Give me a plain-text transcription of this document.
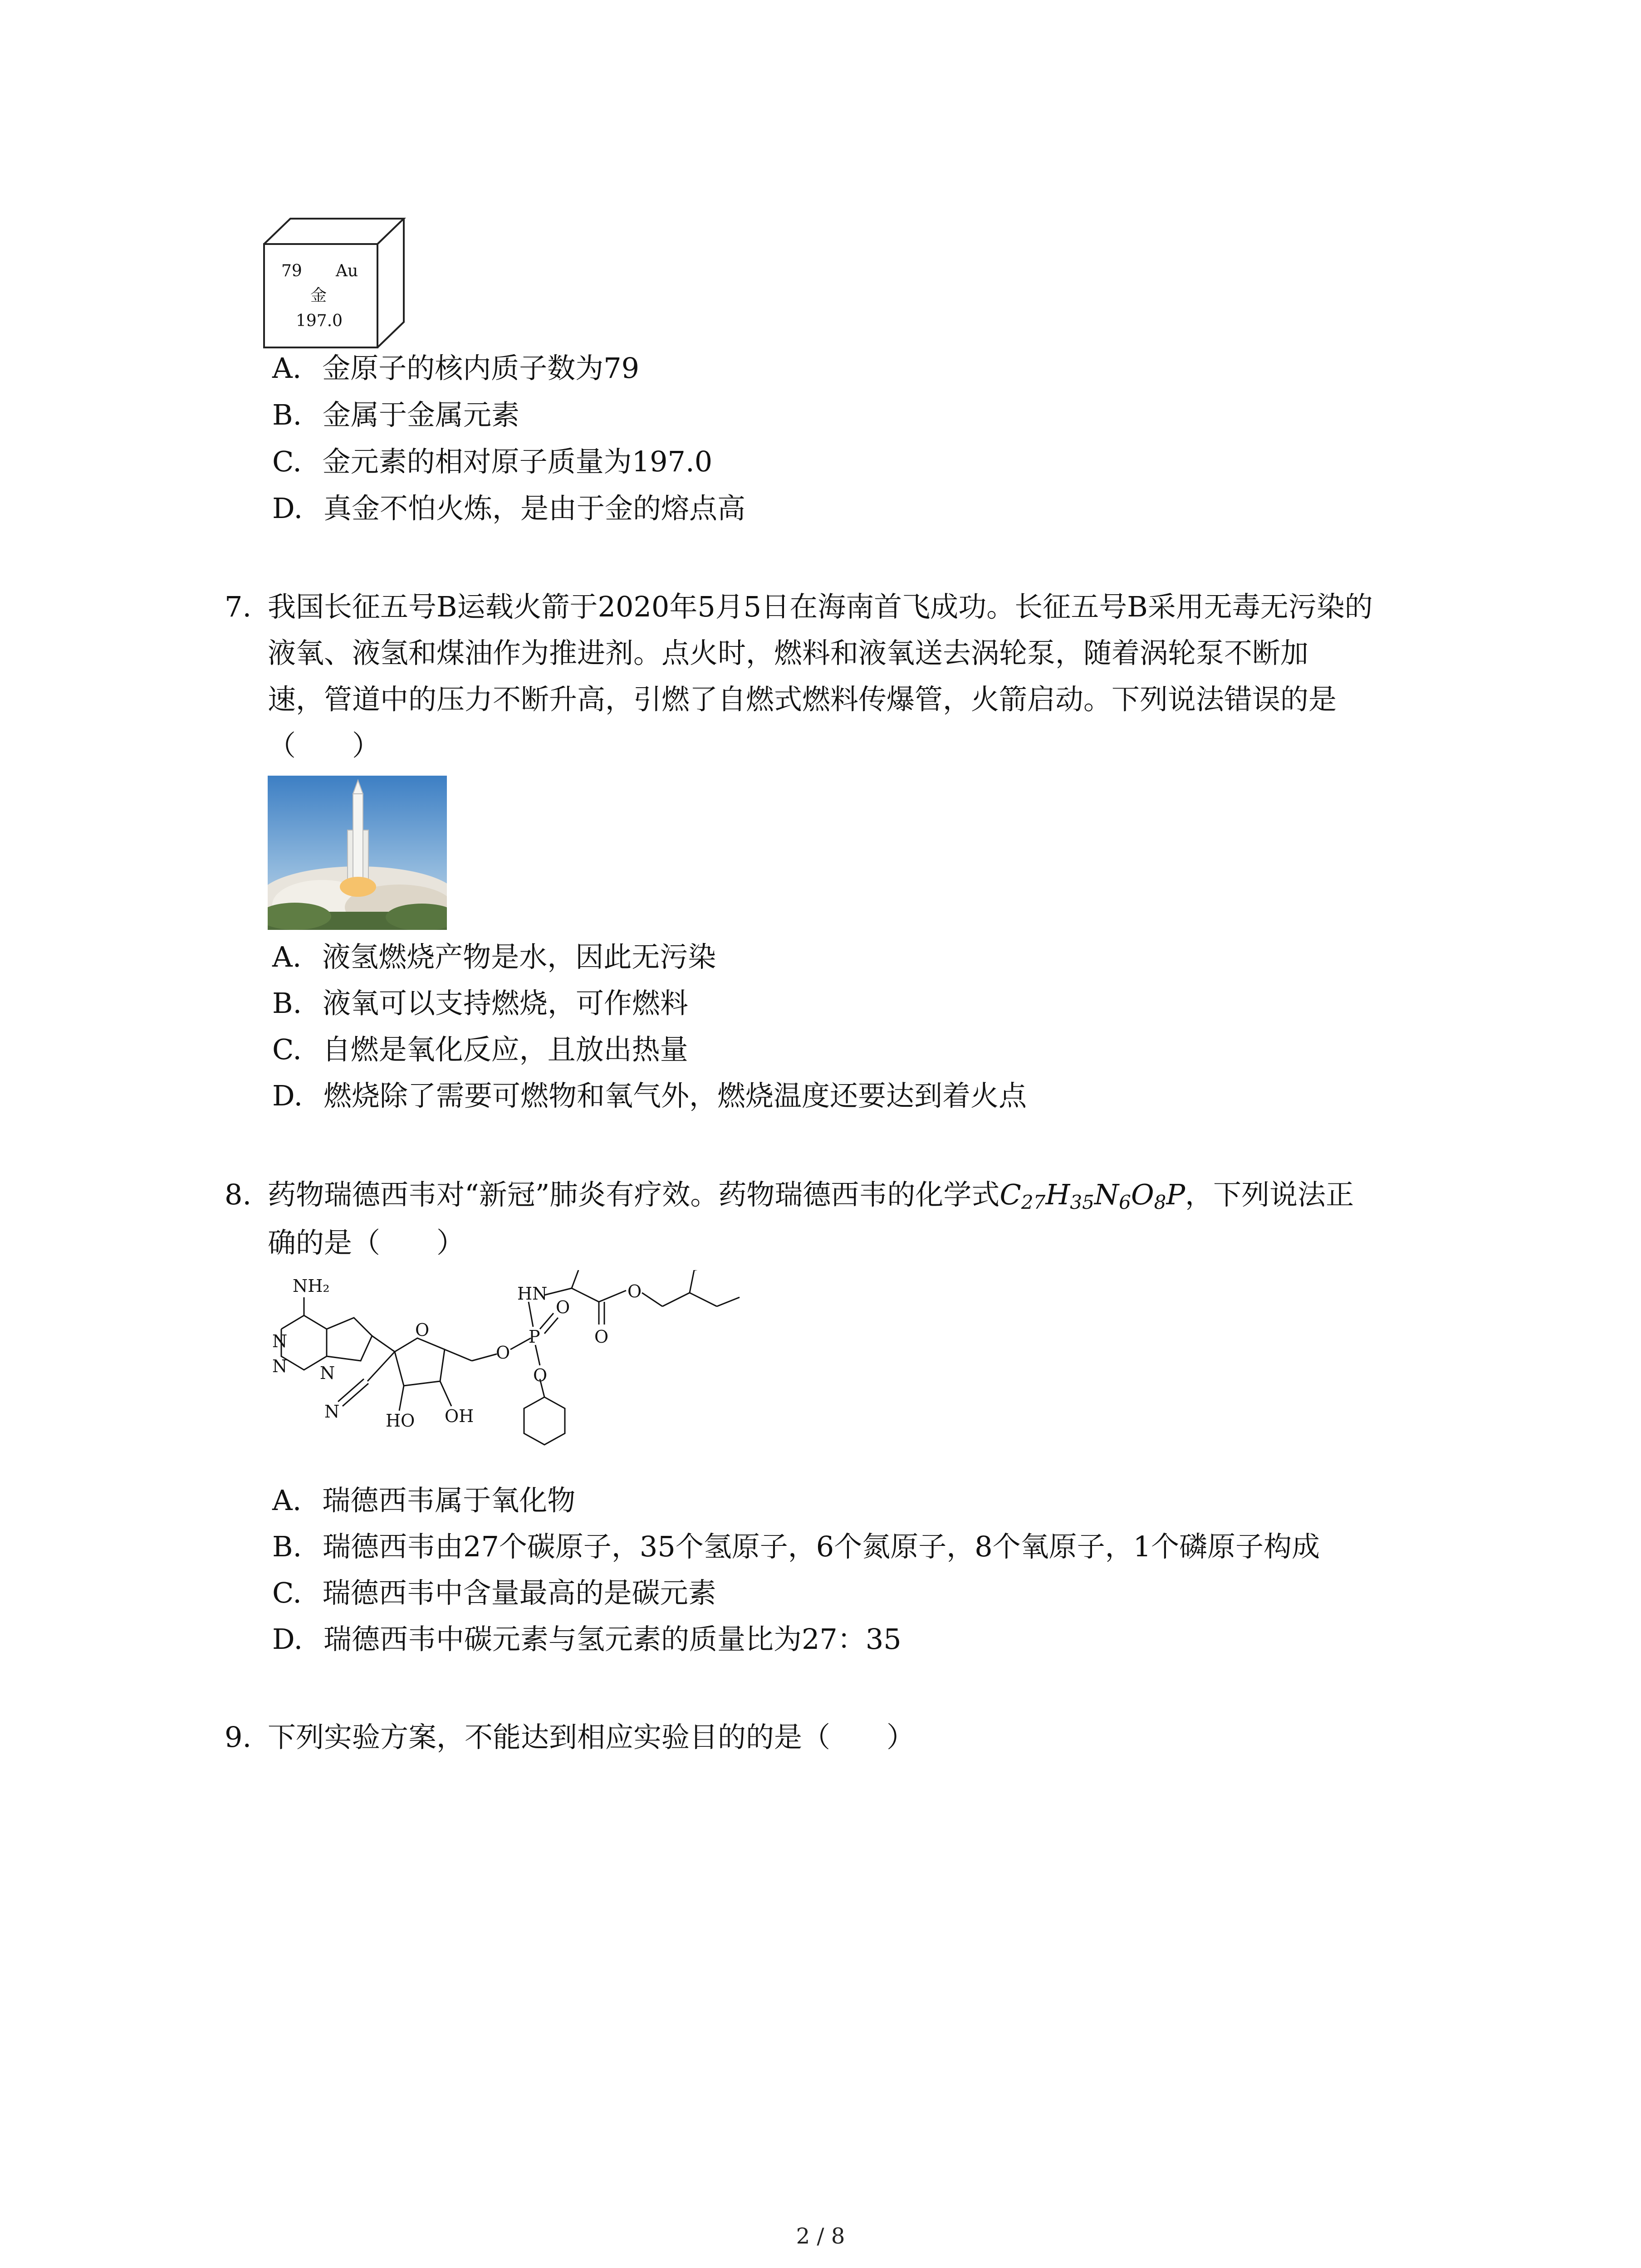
79 Au
金
197.0
A. 金原子的核内质子数为79
B. 金属于金属元素
C. 金元素的相对原子质量为197.0
D. 真金不怕火炼，是由于金的熔点高
7. 我国长征五号B运载火箭于2020年5月5日在海南首飞成功。长征五号B采用无毒无污染的
液氧、液氢和煤油作为推进剂。点火时，燃料和液氧送去涡轮泵，随着涡轮泵不断加
速，管道中的压力不断升高，引燃了自燃式燃料传爆管，火箭启动。下列说法错误的是
（　　）
A. 液氢燃烧产物是水，因此无污染
B. 液氧可以支持燃烧，可作燃料
C. 自燃是氧化反应，且放出热量
D. 燃烧除了需要可燃物和氧气外，燃烧温度还要达到着火点
8. 药物瑞德西韦对“新冠”肺炎有疗效。药物瑞德西韦的化学式$C_{27}H_{35}N_6O_8P$，下列说法正
确的是（　　）
NH₂
N
N N
O
N	HO OH
O
P
O
HN
O
O
O
A. 瑞德西韦属于氧化物
B. 瑞德西韦由27个碳原子，35个氢原子，6个氮原子，8个氧原子，1个磷原子构成
C. 瑞德西韦中含量最高的是碳元素
D. 瑞德西韦中碳元素与氢元素的质量比为27：35
9. 下列实验方案，不能达到相应实验目的的是（　　）
2 / 8
